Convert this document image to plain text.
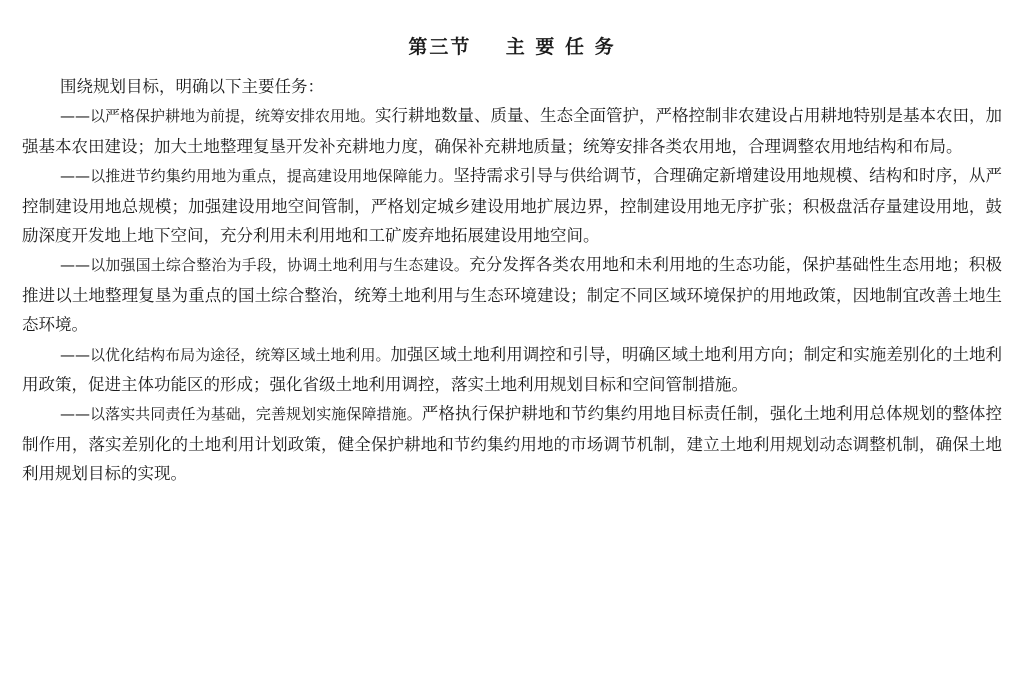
第三节    主 要 任 务

围绕规划目标，明确以下主要任务：

——以严格保护耕地为前提，统筹安排农用地。实行耕地数量、质量、生态全面管护，严格控制非农建设占用耕地特别是基本农田，加强基本农田建设；加大土地整理复垦开发补充耕地力度，确保补充耕地质量；统筹安排各类农用地，合理调整农用地结构和布局。

——以推进节约集约用地为重点，提高建设用地保障能力。坚持需求引导与供给调节，合理确定新增建设用地规模、结构和时序，从严控制建设用地总规模；加强建设用地空间管制，严格划定城乡建设用地扩展边界，控制建设用地无序扩张；积极盘活存量建设用地，鼓励深度开发地上地下空间，充分利用未利用地和工矿废弃地拓展建设用地空间。

——以加强国土综合整治为手段，协调土地利用与生态建设。充分发挥各类农用地和未利用地的生态功能，保护基础性生态用地；积极推进以土地整理复垦为重点的国土综合整治，统筹土地利用与生态环境建设；制定不同区域环境保护的用地政策，因地制宜改善土地生态环境。

——以优化结构布局为途径，统筹区域土地利用。加强区域土地利用调控和引导，明确区域土地利用方向；制定和实施差别化的土地利用政策，促进主体功能区的形成；强化省级土地利用调控，落实土地利用规划目标和空间管制措施。

——以落实共同责任为基础，完善规划实施保障措施。严格执行保护耕地和节约集约用地目标责任制，强化土地利用总体规划的整体控制作用，落实差别化的土地利用计划政策，健全保护耕地和节约集约用地的市场调节机制，建立土地利用规划动态调整机制，确保土地利用规划目标的实现。
